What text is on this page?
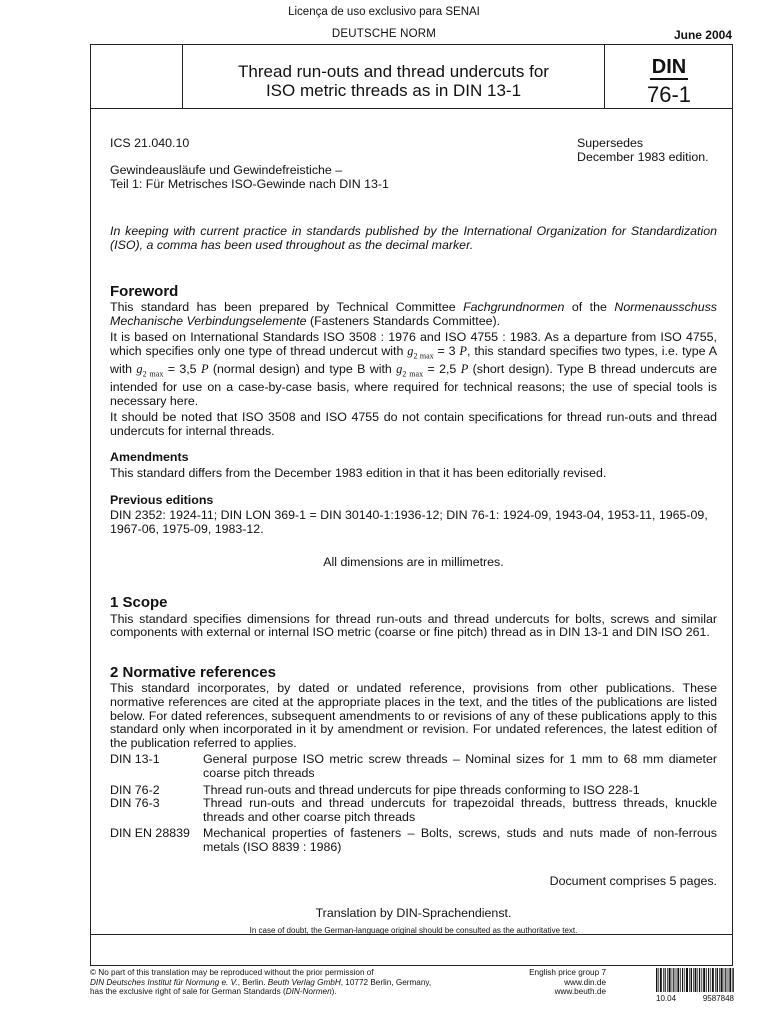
Licença de uso exclusivo para SENAI
DEUTSCHE NORM	June 2004
Thread run-outs and thread undercuts for
ISO metric threads as in DIN 13-1
DIN
76-1
ICS 21.040.10	Supersedes
December 1983 edition.
Gewindeausläufe und Gewindefreistiche –
Teil 1: Für Metrisches ISO-Gewinde nach DIN 13-1

In keeping with current practice in standards published by the International Organization for Standardization (ISO), a comma has been used throughout as the decimal marker.

Foreword

This standard has been prepared by Technical Committee Fachgrundnormen of the Normenausschuss Mechanische Verbindungselemente (Fasteners Standards Committee).

It is based on International Standards ISO 3508 : 1976 and ISO 4755 : 1983. As a departure from ISO 4755, which specifies only one type of thread undercut with $g_{2 max} = 3$ P, this standard specifies two types, i.e. type A with $g_{2 max} = 3,5$ P (normal design) and type B with $g_{2 max} = 2,5$ P (short design). Type B thread undercuts are intended for use on a case-by-case basis, where required for technical reasons; the use of special tools is necessary here.

It should be noted that ISO 3508 and ISO 4755 do not contain specifications for thread run-outs and thread undercuts for internal threads.

Amendments

This standard differs from the December 1983 edition in that it has been editorially revised.

Previous editions

DIN 2352: 1924-11; DIN LON 369-1 = DIN 30140-1:1936-12; DIN 76-1: 1924-09, 1943-04, 1953-11, 1965-09, 1967-06, 1975-09, 1983-12.

All dimensions are in millimetres.

1 Scope

This standard specifies dimensions for thread run-outs and thread undercuts for bolts, screws and similar components with external or internal ISO metric (coarse or fine pitch) thread as in DIN 13-1 and DIN ISO 261.

2 Normative references

This standard incorporates, by dated or undated reference, provisions from other publications. These normative references are cited at the appropriate places in the text, and the titles of the publications are listed below. For dated references, subsequent amendments to or revisions of any of these publications apply to this standard only when incorporated in it by amendment or revision. For undated references, the latest edition of the publication referred to applies.

DIN 13-1	General purpose ISO metric screw threads – Nominal sizes for 1 mm to 68 mm diameter coarse pitch threads
DIN 76-2	Thread run-outs and thread undercuts for pipe threads conforming to ISO 228-1
DIN 76-3	Thread run-outs and thread undercuts for trapezoidal threads, buttress threads, knuckle threads and other coarse pitch threads
DIN EN 28839	Mechanical properties of fasteners – Bolts, screws, studs and nuts made of non-ferrous metals (ISO 8839 : 1986)

Document comprises 5 pages.

Translation by DIN-Sprachendienst.

In case of doubt, the German-language original should be consulted as the authoritative text.

© No part of this translation may be reproduced without the prior permission of
DIN Deutsches Institut für Normung e. V., Berlin. Beuth Verlag GmbH, 10772 Berlin, Germany,
has the exclusive right of sale for German Standards (DIN-Normen).
English price group 7
www.din.de
www.beuth.de
10.04	9587848
